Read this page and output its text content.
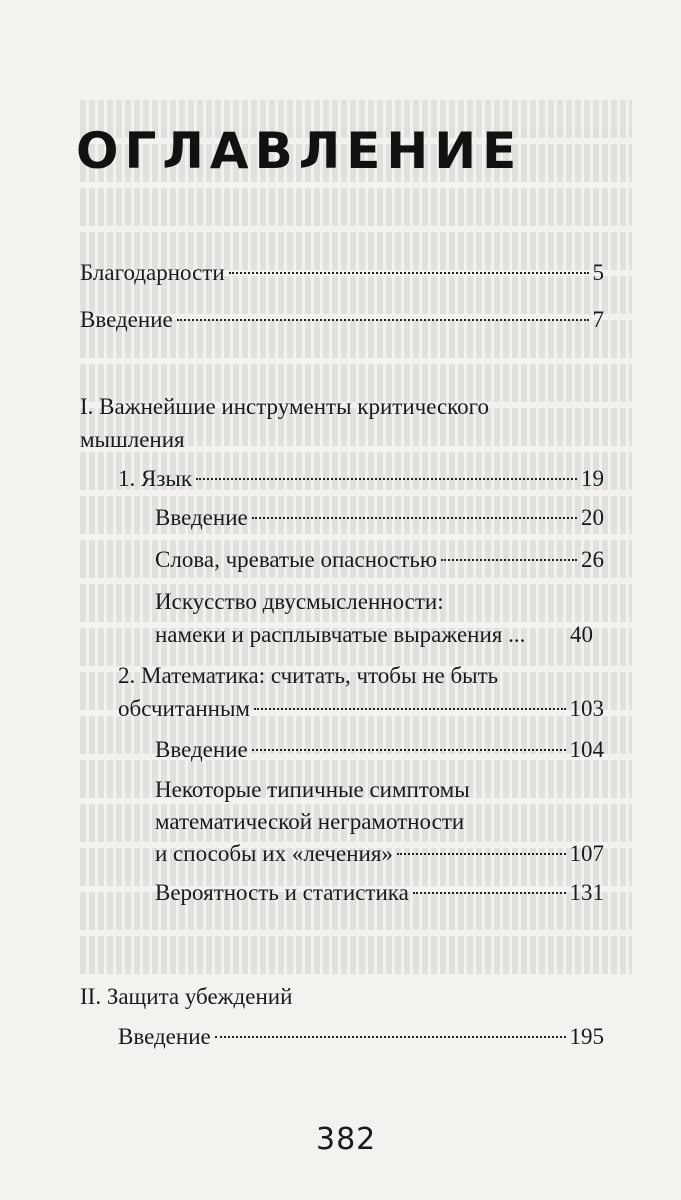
ОГЛАВЛЕНИЕ
Благодарности	5
Введение	7
I. Важнейшие инструменты критического
мышления
1. Язык	19
Введение	20
Слова, чреватые опасностью	26
Искусство двусмысленности:
намеки и расплывчатые выражения ... 40
2. Математика: считать, чтобы не быть
обсчитанным	103
Введение	104
Некоторые типичные симптомы
математической неграмотности
и способы их «лечения»	107
Вероятность и статистика	131
II. Защита убеждений
Введение	195
382
